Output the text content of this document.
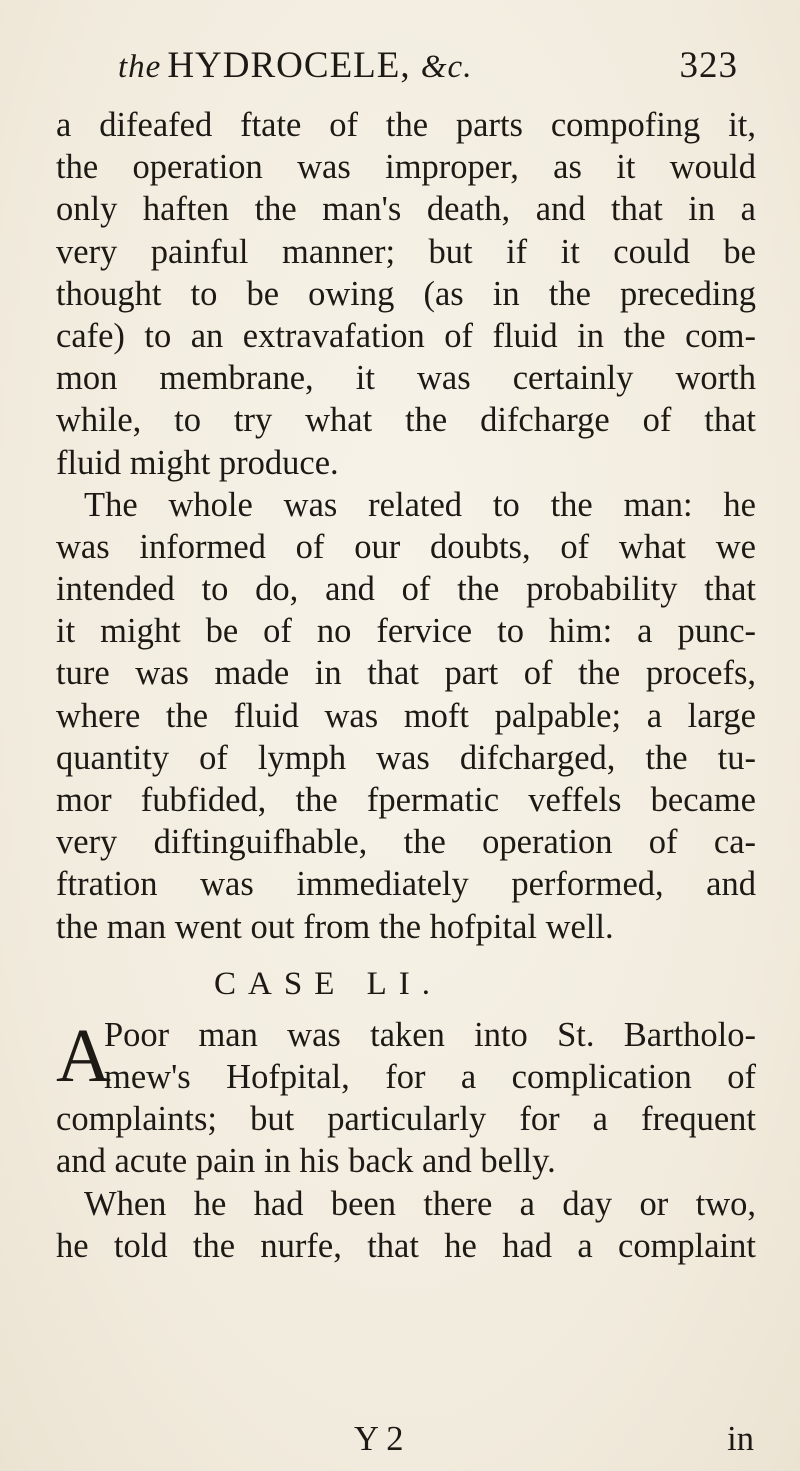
the HYDROCELE, &c.	323
a difeafed ftate of the parts compofing it,
the operation was improper, as it would
only haften the man's death, and that in a
very painful manner; but if it could be
thought to be owing (as in the preceding
cafe) to an extravafation of fluid in the com-
mon membrane, it was certainly worth
while, to try what the difcharge of that
fluid might produce.
The whole was related to the man: he
was informed of our doubts, of what we
intended to do, and of the probability that
it might be of no fervice to him: a punc-
ture was made in that part of the procefs,
where the fluid was moft palpable; a large
quantity of lymph was difcharged, the tu-
mor fubfided, the fpermatic veffels became
very diftinguifhable, the operation of ca-
ftration was immediately performed, and
the man went out from the hofpital well.
CASE LI.
A
Poor man was taken into St. Bartholo-
mew's Hofpital, for a complication of
complaints; but particularly for a frequent
and acute pain in his back and belly.
When he had been there a day or two,
he told the nurfe, that he had a complaint
Y 2	in
